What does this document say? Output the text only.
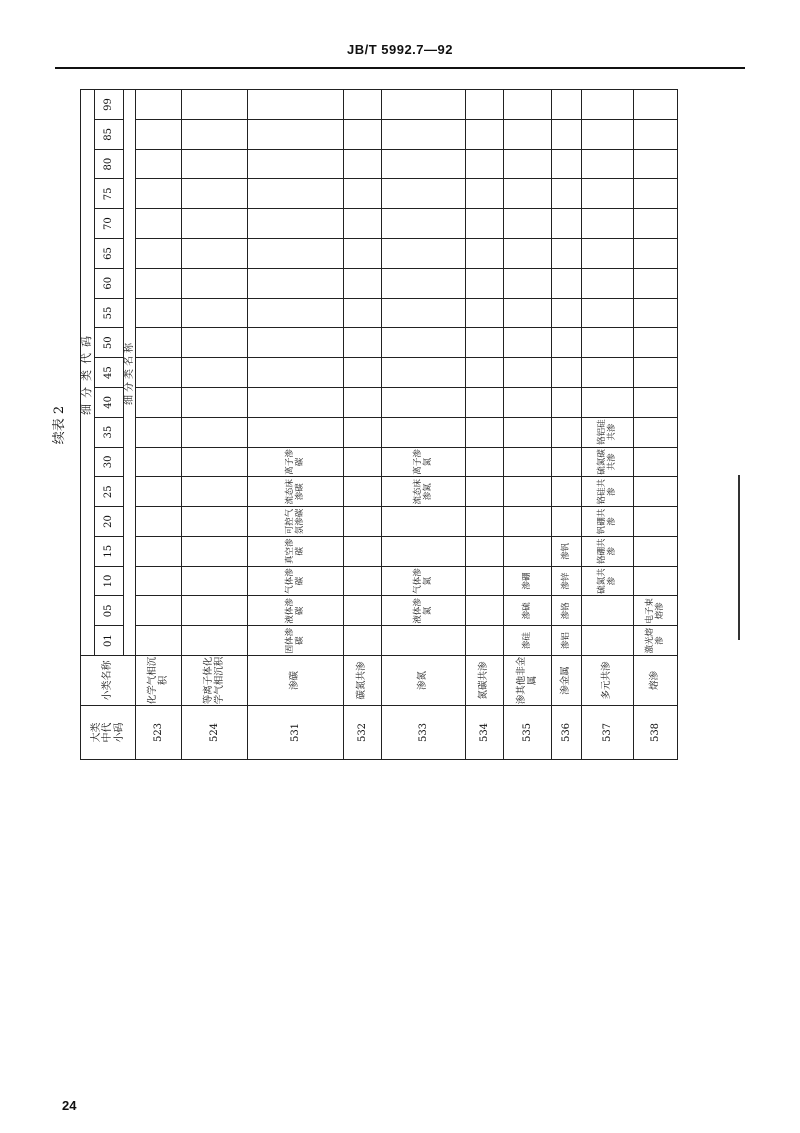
JB/T 5992.7—92
续表 2
大类 中代 小码	小类名称	细分类代码																		
		01	05	10	15	20	25	30	35	40	45	50	55	60	65	70	75	80	85	99
		细分类名称																		
523	化学气相沉积																			
524	等离子体化学气相沉积																			
531	渗碳	固体渗碳	液体渗碳	气体渗碳	真空渗碳	可控气氛渗碳	流态床渗碳	离子渗碳												
532	碳氮共渗																			
533	渗氮		液体渗氮	气体渗氮			流态床渗氮	离子渗氮												
534	氮碳共渗																			
535	渗其他非金属	渗硅	渗硫	渗硼																
536	渗金属	渗铝	渗铬	渗锌	渗钒															
537	多元共渗			硫氮共渗	铬硼共渗	钒硼共渗	铬硅共渗	硫氮碳共渗	铬铝硅共渗											
538	熔渗	激光熔渗	电子束熔渗																	
24
